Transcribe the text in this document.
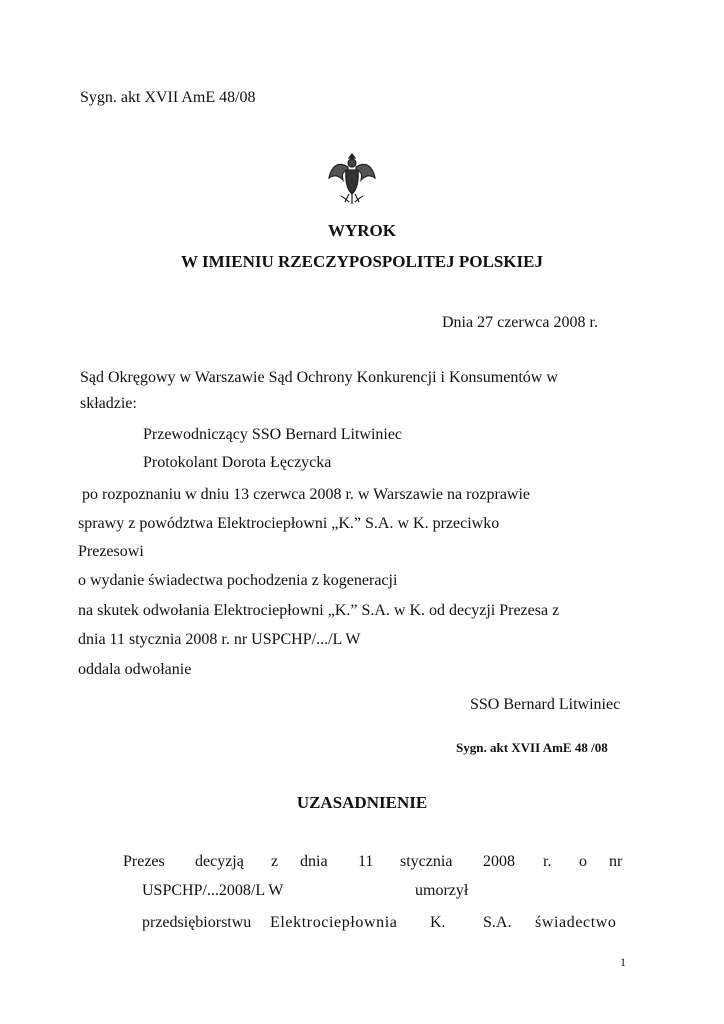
Sygn. akt XVII AmE 48/08
WYROK
W IMIENIU RZECZYPOSPOLITEJ POLSKIEJ
Dnia 27 czerwca 2008 r.
Sąd Okręgowy w Warszawie Sąd Ochrony Konkurencji i Konsumentów w
składzie:
Przewodniczący SSO Bernard Litwiniec
Protokolant Dorota Łęczycka
po rozpoznaniu w dniu 13 czerwca 2008 r. w Warszawie na rozprawie
sprawy z powództwa Elektrociepłowni „K.” S.A. w K. przeciwko
Prezesowi
o wydanie świadectwa pochodzenia z kogeneracji
na skutek odwołania Elektrociepłowni „K.” S.A. w K. od decyzji Prezesa z
dnia 11 stycznia 2008 r. nr USPCHP/.../L W
oddala odwołanie
SSO Bernard Litwiniec
Sygn. akt XVII AmE 48 /08
UZASADNIENIE
Prezes decyzją z dnia 11 stycznia 2008 r. o nr
USPCHP/...2008/L W	umorzył
przedsiębiorstwu Elektrociepłownia K. S.A. świadectwo
1
